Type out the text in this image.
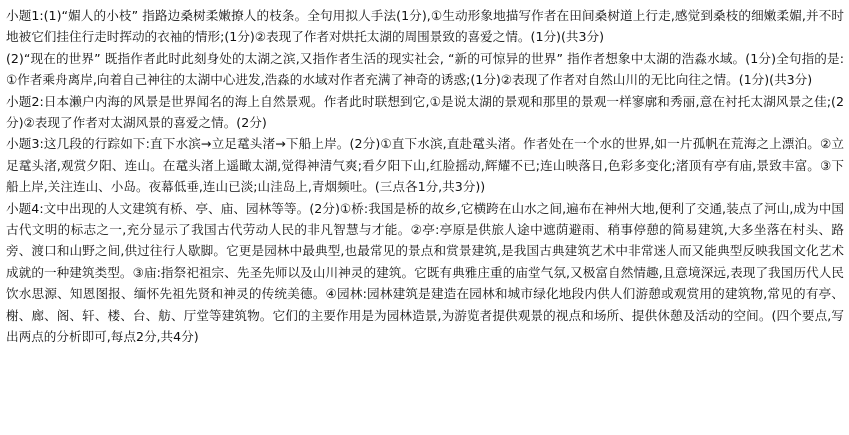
小题1:(1)“媚人的小枝” 指路边桑树柔嫩撩人的枝条。全句用拟人手法(1分),①生动形象地描写作者在田间桑树道上行走,感觉到桑枝的细嫩柔媚,并不时地被它们挂住行走时挥动的衣袖的情形;(1分)②表现了作者对烘托太湖的周围景致的喜爱之情。(1分)(共3分)

(2)“现在的世界” 既指作者此时此刻身处的太湖之滨,又指作者生活的现实社会, “新的可惊异的世界” 指作者想象中太湖的浩淼水域。(1分)全句指的是:①作者乘舟离岸,向着自己神往的太湖中心进发,浩淼的水域对作者充满了神奇的诱惑;(1分)②表现了作者对自然山川的无比向往之情。(1分)(共3分)

小题2:日本濑户内海的风景是世界闻名的海上自然景观。作者此时联想到它,①是说太湖的景观和那里的景观一样寥廓和秀丽,意在衬托太湖风景之佳;(2分)②表现了作者对太湖风景的喜爱之情。(2分)

小题3:这几段的行踪如下:直下水滨→立足鼋头渚→下船上岸。(2分)①直下水滨,直赴鼋头渚。作者处在一个水的世界,如一片孤帆在荒海之上漂泊。②立足鼋头渚,观赏夕阳、连山。在鼋头渚上遥瞰太湖,觉得神清气爽;看夕阳下山,红脸摇动,辉耀不已;连山映落日,色彩多变化;渚顶有亭有庙,景致丰富。③下船上岸,关注连山、小岛。夜幕低垂,连山已淡;山洼岛上,青烟频吐。(三点各1分,共3分))

小题4:文中出现的人文建筑有桥、亭、庙、园林等等。(2分)①桥:我国是桥的故乡,它横跨在山水之间,遍布在神州大地,便利了交通,装点了河山,成为中国古代文明的标志之一,充分显示了我国古代劳动人民的非凡智慧与才能。②亭:亭原是供旅人途中遮荫避雨、稍事停憩的简易建筑,大多坐落在村头、路旁、渡口和山野之间,供过往行人歇脚。它更是园林中最典型,也最常见的景点和赏景建筑,是我国古典建筑艺术中非常迷人而又能典型反映我国文化艺术成就的一种建筑类型。③庙:指祭祀祖宗、先圣先师以及山川神灵的建筑。它既有典雅庄重的庙堂气氛,又极富自然情趣,且意境深远,表现了我国历代人民饮水思源、知恩图报、缅怀先祖先贤和神灵的传统美德。④园林:园林建筑是建造在园林和城市绿化地段内供人们游憩或观赏用的建筑物,常见的有亭、榭、廊、阁、轩、楼、台、舫、厅堂等建筑物。它们的主要作用是为园林造景,为游览者提供观景的视点和场所、提供休憩及活动的空间。(四个要点,写出两点的分析即可,每点2分,共4分)
